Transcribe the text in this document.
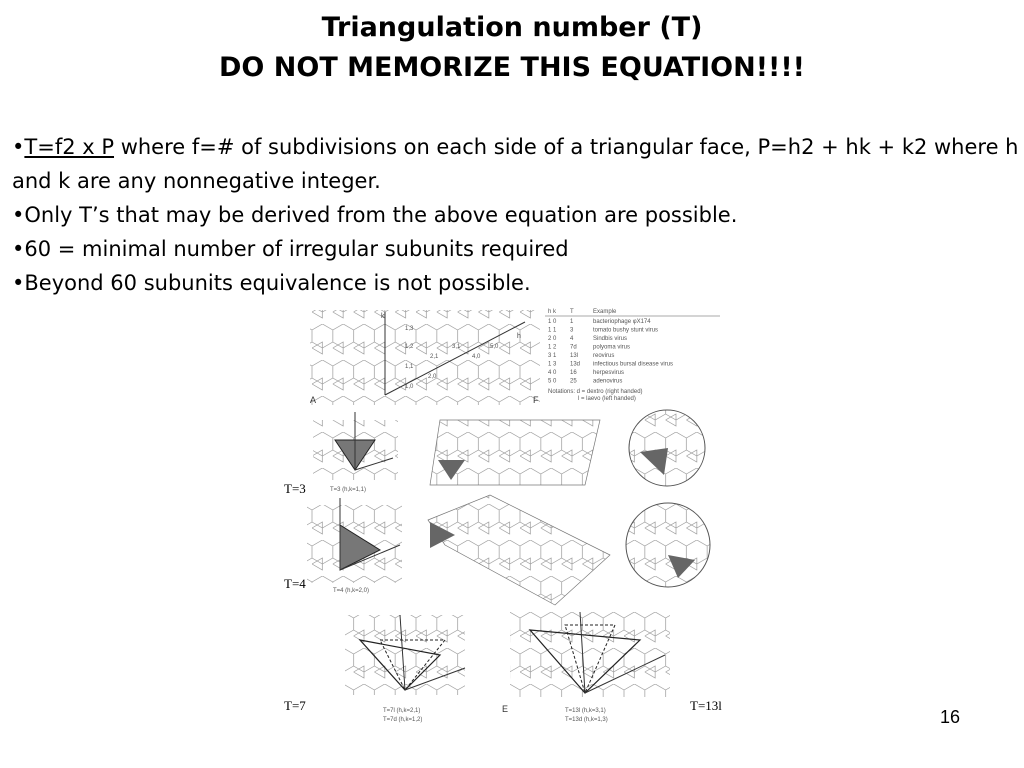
Triangulation number (T)
DO NOT MEMORIZE THIS EQUATION!!!!

•T=f2 x P where f=# of subdivisions on each side of a triangular face, P=h2 + hk + k2 where h and k are any nonnegative integer.

•Only T’s that may be derived from the above equation are possible.

•60 = minimal number of irregular subunits required

•Beyond 60 subunits equivalence is not possible.

k
h
1,3
1,2
2,1
3,1
4,0
5,0
1,1
2,0
1,0
A
h k T	Example
1 0 1	bacteriophage φX174
1 1 3	tomato bushy stunt virus
2 0 4	Sindbis virus
1 2 7d	polyoma virus
3 1 13l reovirus
1 3 13d infectious bursal disease virus
4 0 16	herpesvirus
5 0 25	adenovirus
Notations: d = dextro (right handed)
l = laevo (left handed)
F
T=3 (h,k=1,1)
T=3
T=4 (h,k=2,0)
T=4
T=7l (h,k=2,1)
T=7d (h,k=1,2)
T=13l (h,k=3,1)
T=13d (h,k=1,3)
E
T=7	T=13l
16
